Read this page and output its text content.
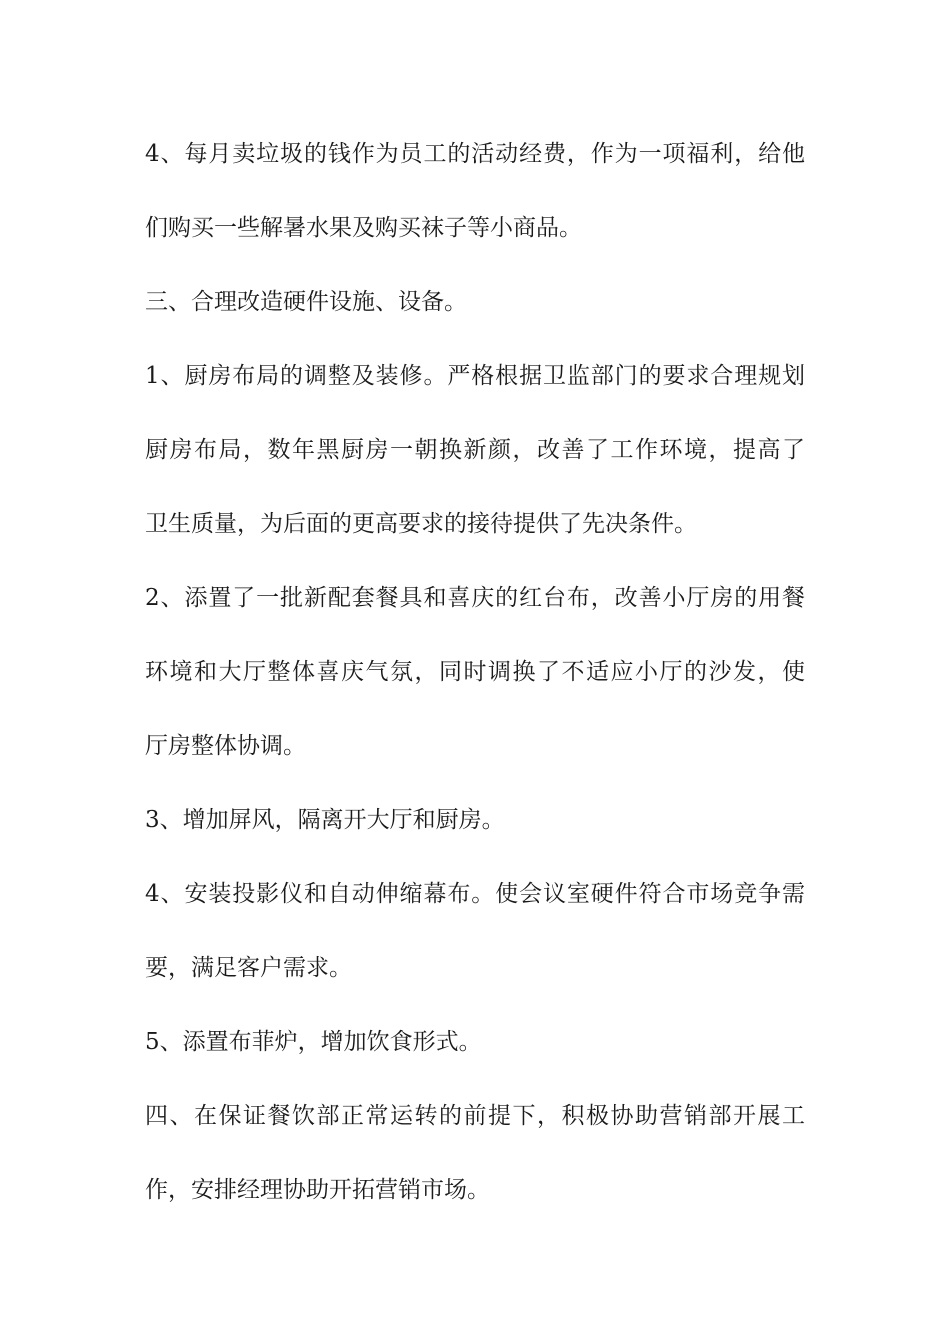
4、每月卖垃圾的钱作为员工的活动经费，作为一项福利，给他
们购买一些解暑水果及购买袜子等小商品。
三、合理改造硬件设施、设备。
1、厨房布局的调整及装修。严格根据卫监部门的要求合理规划
厨房布局，数年黑厨房一朝换新颜，改善了工作环境，提高了
卫生质量，为后面的更高要求的接待提供了先决条件。
2、添置了一批新配套餐具和喜庆的红台布，改善小厅房的用餐
环境和大厅整体喜庆气氛，同时调换了不适应小厅的沙发，使
厅房整体协调。
3、增加屏风，隔离开大厅和厨房。
4、安装投影仪和自动伸缩幕布。使会议室硬件符合市场竞争需
要，满足客户需求。
5、添置布菲炉，增加饮食形式。
四、在保证餐饮部正常运转的前提下，积极协助营销部开展工
作，安排经理协助开拓营销市场。
